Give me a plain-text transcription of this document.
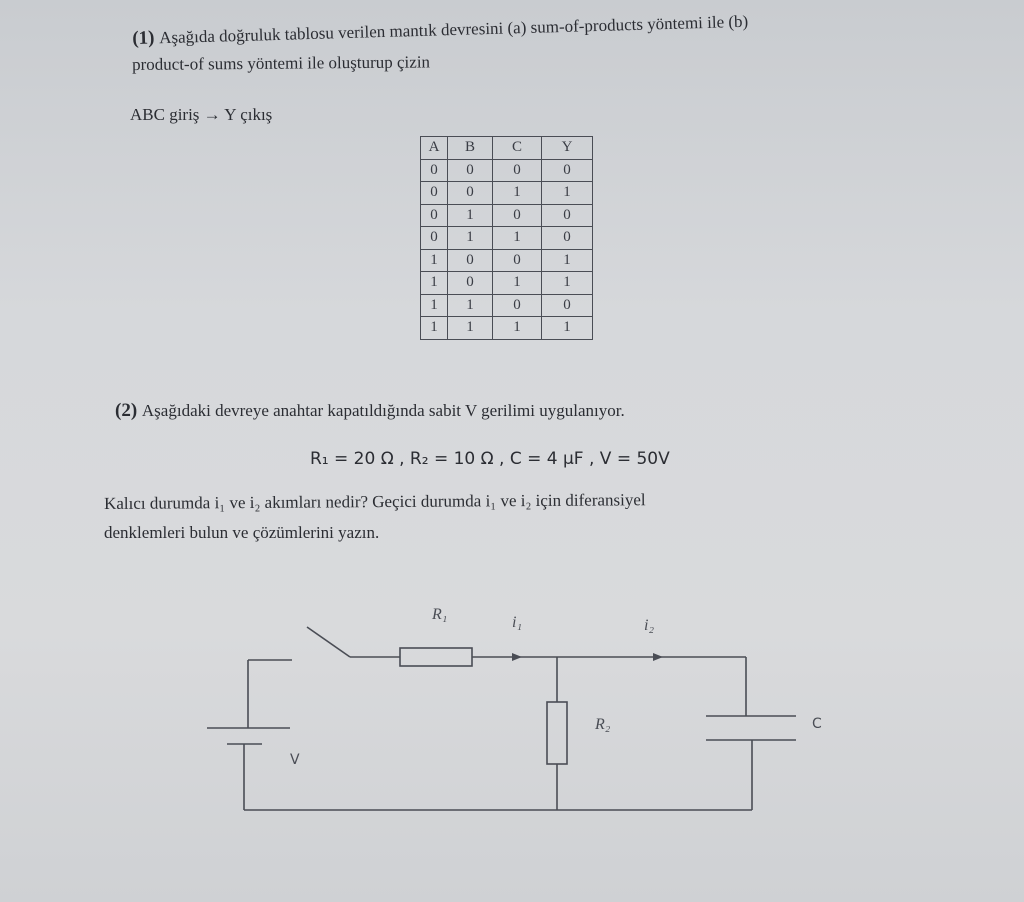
(1) Aşağıda doğruluk tablosu verilen mantık devresini (a) sum-of-products yöntemi ile (b)
product-of sums yöntemi ile oluşturup çizin
ABC giriş → Y çıkış
A	B	C	Y
0	0	0	0
0	0	1	1
0	1	0	0
0	1	1	0
1	0	0	1
1	0	1	1
1	1	0	0
1	1	1	1
(2) Aşağıdaki devreye anahtar kapatıldığında sabit V gerilimi uygulanıyor.
R₁ = 20 Ω , R₂ = 10 Ω , C = 4 μF , V = 50V
Kalıcı durumda i₁ ve i₂ akımları nedir? Geçici durumda i₁ ve i₂ için diferansiyel
denklemleri bulun ve çözümlerini yazın.
R₁	i₁	i₂
R₂	C
V
